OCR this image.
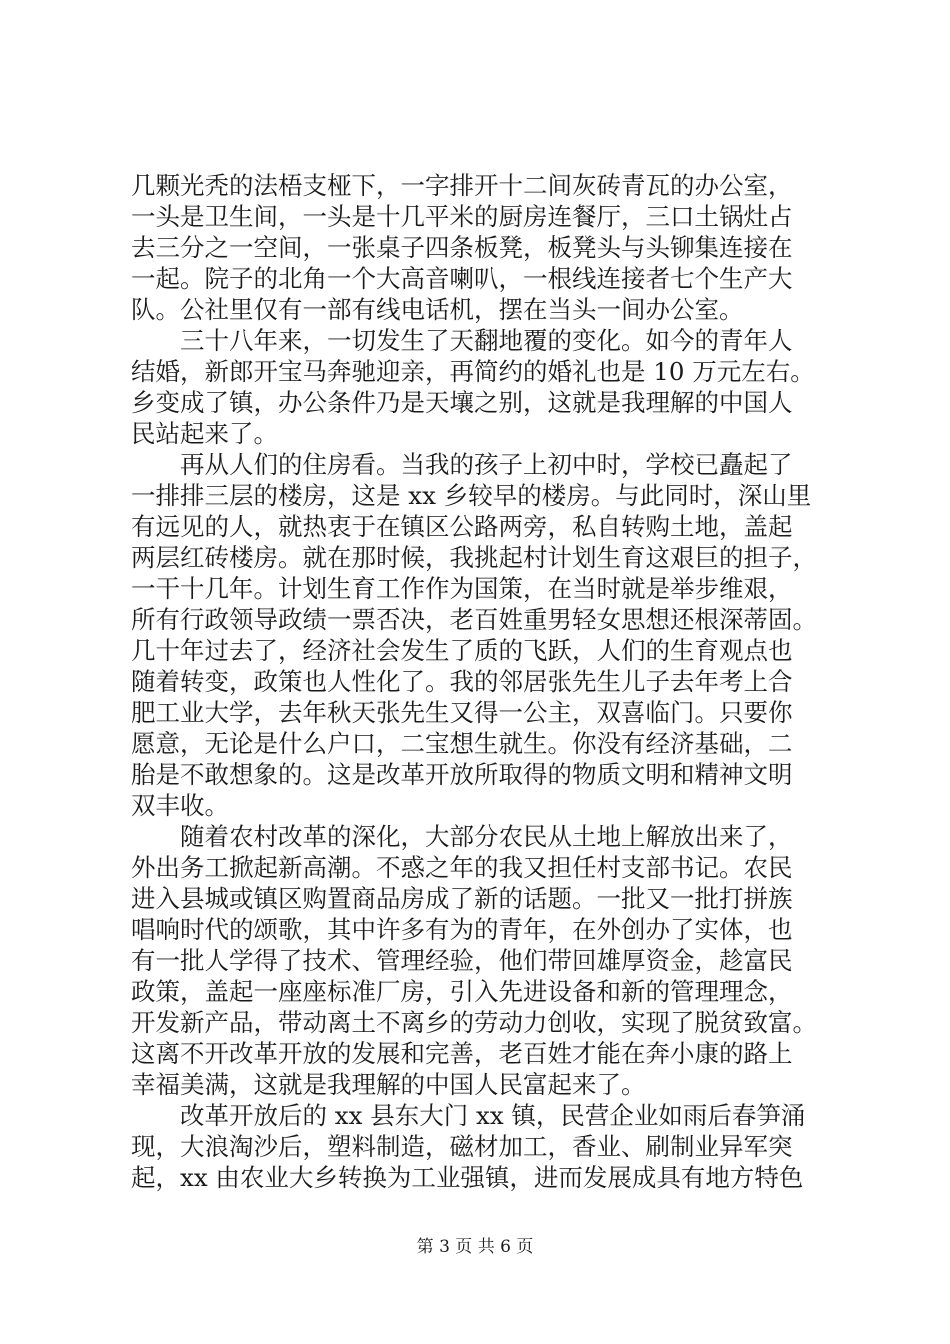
几颗光秃的法梧支桠下，一字排开十二间灰砖青瓦的办公室，
一头是卫生间，一头是十几平米的厨房连餐厅，三口土锅灶占
去三分之一空间，一张桌子四条板凳，板凳头与头铆集连接在
一起。院子的北角一个大高音喇叭，一根线连接者七个生产大
队。公社里仅有一部有线电话机，摆在当头一间办公室。
　　三十八年来，一切发生了天翻地覆的变化。如今的青年人
结婚，新郎开宝马奔驰迎亲，再简约的婚礼也是 10 万元左右。
乡变成了镇，办公条件乃是天壤之别，这就是我理解的中国人
民站起来了。
　　再从人们的住房看。当我的孩子上初中时，学校已矗起了
一排排三层的楼房，这是 xx 乡较早的楼房。与此同时，深山里
有远见的人，就热衷于在镇区公路两旁，私自转购土地，盖起
两层红砖楼房。就在那时候，我挑起村计划生育这艰巨的担子，
一干十几年。计划生育工作作为国策，在当时就是举步维艰，
所有行政领导政绩一票否决，老百姓重男轻女思想还根深蒂固。
几十年过去了，经济社会发生了质的飞跃，人们的生育观点也
随着转变，政策也人性化了。我的邻居张先生儿子去年考上合
肥工业大学，去年秋天张先生又得一公主，双喜临门。只要你
愿意，无论是什么户口，二宝想生就生。你没有经济基础，二
胎是不敢想象的。这是改革开放所取得的物质文明和精神文明
双丰收。
　　随着农村改革的深化，大部分农民从土地上解放出来了，
外出务工掀起新高潮。不惑之年的我又担任村支部书记。农民
进入县城或镇区购置商品房成了新的话题。一批又一批打拼族
唱响时代的颂歌，其中许多有为的青年，在外创办了实体，也
有一批人学得了技术、管理经验，他们带回雄厚资金，趁富民
政策，盖起一座座标准厂房，引入先进设备和新的管理理念，
开发新产品，带动离土不离乡的劳动力创收，实现了脱贫致富。
这离不开改革开放的发展和完善，老百姓才能在奔小康的路上
幸福美满，这就是我理解的中国人民富起来了。
　　改革开放后的 xx 县东大门 xx 镇，民营企业如雨后春笋涌
现，大浪淘沙后，塑料制造，磁材加工，香业、刷制业异军突
起，xx 由农业大乡转换为工业强镇，进而发展成具有地方特色
第 3 页 共 6 页
